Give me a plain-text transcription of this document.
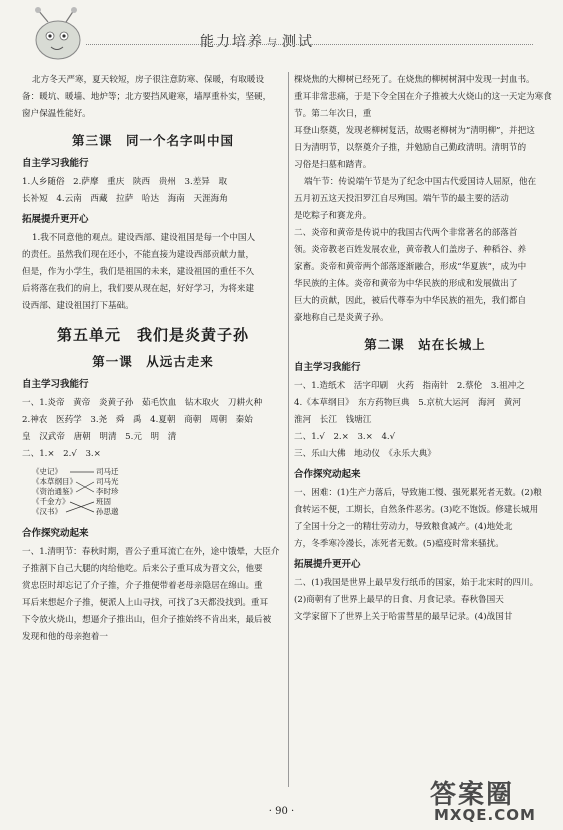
能力培养 与 测试

北方冬天严寒，夏天较短，房子很注意防寒、保暖，有取暖设

备：暖坑、暖墙、地炉等；北方要挡风避寒，墙厚重朴实，坚硬，

窗户保温性能好。

第三课　同一个名字叫中国
自主学习我能行

1.人乡随俗　2.萨摩　重庆　陕西　贵州　3.差异　取

长补短　4.云南　西藏　拉萨　哈达　海南　天涯海角

拓展提升更开心

1.我不同意他的观点。建设西部、建设祖国是每一个中国人

的责任。虽然我们现在还小，不能直接为建设西部贡献力量，

但是，作为小学生，我们是祖国的未来，建设祖国的重任不久

后将落在我们的肩上，我们要从现在起，好好学习，为将来建

设西部、建设祖国打下基础。

第五单元　我们是炎黄子孙
第一课　从远古走来
自主学习我能行

一、1.炎帝　黄帝　炎黄子孙　茹毛饮血　钻木取火　刀耕火种

2.神农　医药学　3.尧　舜　禹　4.夏朝　商朝　周朝　秦始

皇　汉武帝　唐朝　明清　5.元　明　清

二、1.×　2.√　3.×

《史记》
《本草纲目》
《资治通鉴》
《千金方》
《汉书》
司马迁
司马光
李时珍
班固
孙思邈
合作探究动起来

一、1.清明节：春秋时期，晋公子重耳流亡在外，途中饿晕，大臣介

子推割下自己大腿的肉给他吃。后来公子重耳成为晋文公，他要

赏忠臣时却忘记了介子推，介子推便带着老母亲隐居在绵山。重

耳后来想起介子推，便派人上山寻找，可找了3天都没找到。重耳

下令放火烧山，想逼介子推出山，但介子推始终不肯出来，最后被

发现和他的母亲抱着一

棵烧焦的大柳树已经死了。在烧焦的柳树树洞中发现一封血书。

重耳非常悲痛，于是下令全国在介子推被大火烧山的这一天定为寒食节。第二年次日，重

耳登山祭奠，发现老柳树复活，故赐老柳树为“清明柳”，并把这

日为清明节，以祭奠介子推，并勉励自己勤政清明。清明节的

习俗是扫墓和踏青。

端午节：传说端午节是为了纪念中国古代爱国诗人屈原，他在

五月初五这天投汨罗江自尽殉国。端午节的最主要的活动

是吃粽子和赛龙舟。

二、炎帝和黄帝是传说中的我国古代两个非常著名的部落首

领。炎帝教老百姓发展农业，黄帝教人们盖房子、种稻谷、养

家畜。炎帝和黄帝两个部落逐渐融合，形成“华夏族”，成为中

华民族的主体。炎帝和黄帝为中华民族的形成和发展做出了

巨大的贡献，因此，被后代尊奉为中华民族的祖先，我们都自

豪地称自己是炎黄子孙。

第二课　站在长城上
自主学习我能行

一、1.造纸术　活字印刷　火药　指南针　2.蔡伦　3.祖冲之

4.《本草纲目》　东方药物巨典　5.京杭大运河　海河　黄河

淮河　长江　钱塘江

二、1.√　2.×　3.×　4.√

三、乐山大佛　地动仪　《永乐大典》

合作探究动起来

一、困难：(1)生产力落后，导致施工慢、强死累死者无数。(2)粮

食转运不便，工期长，自然条件恶劣。(3)吃不饱饭。修建长城用

了全国十分之一的精壮劳动力，导致粮食减产。(4)地处北

方，冬季寒冷漫长，冻死者无数。(5)瘟疫时常来骚扰。

拓展提升更开心

二、(1)我国是世界上最早发行纸币的国家，始于北宋时的四川。

(2)商朝有了世界上最早的日食、月食记录。春秋鲁国天

文学家留下了世界上关于哈雷彗星的最早记录。(4)战国甘

· 90 ·
答案圈
MXQE.COM
